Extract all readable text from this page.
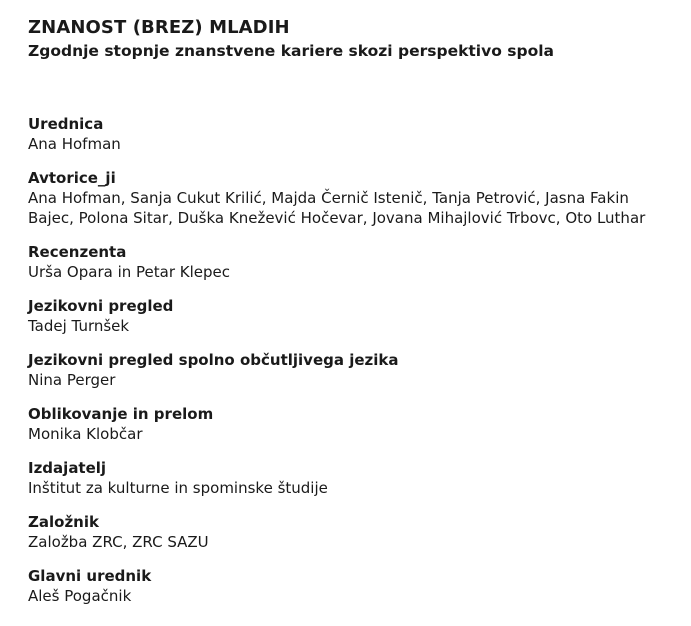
ZNANOST (BREZ) MLADIH
Zgodnje stopnje znanstvene kariere skozi perspektivo spola

Urednica

Ana Hofman

Avtorice_ji

Ana Hofman, Sanja Cukut Krilić, Majda Černič Istenič, Tanja Petrović, Jasna Fakin Bajec, Polona Sitar, Duška Knežević Hočevar, Jovana Mihajlović Trbovc, Oto Luthar

Recenzenta

Urša Opara in Petar Klepec

Jezikovni pregled

Tadej Turnšek

Jezikovni pregled spolno občutljivega jezika

Nina Perger

Oblikovanje in prelom

Monika Klobčar

Izdajatelj

Inštitut za kulturne in spominske študije

Založnik

Založba ZRC, ZRC SAZU

Glavni urednik

Aleš Pogačnik
